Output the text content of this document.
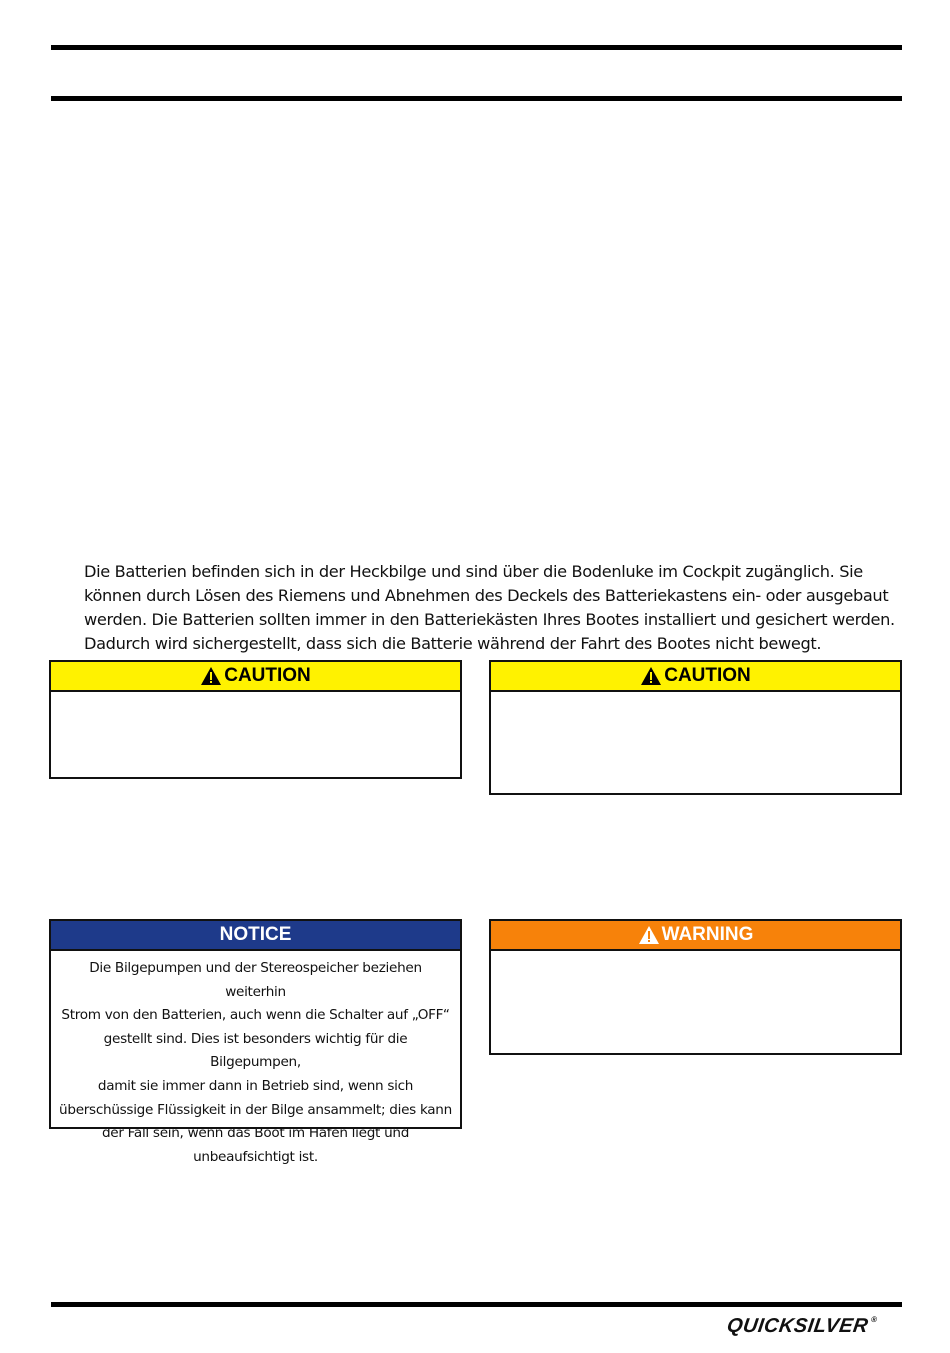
Die Batterien befinden sich in der Heckbilge und sind über die Bodenluke im Cockpit zugänglich. Sie
können durch Lösen des Riemens und Abnehmen des Deckels des Batteriekastens ein- oder ausgebaut
werden. Die Batterien sollten immer in den Batteriekästen Ihres Bootes installiert und gesichert werden.
Dadurch wird sichergestellt, dass sich die Batterie während der Fahrt des Bootes nicht bewegt.

CAUTION	CAUTION
NOTICE

Die Bilgepumpen und der Stereospeicher beziehen weiterhin
Strom von den Batterien, auch wenn die Schalter auf „OFF“
gestellt sind. Dies ist besonders wichtig für die Bilgepumpen,
damit sie immer dann in Betrieb sind, wenn sich
überschüssige Flüssigkeit in der Bilge ansammelt; dies kann
der Fall sein, wenn das Boot im Hafen liegt und
unbeaufsichtigt ist.

WARNING
QUICKSILVER®
